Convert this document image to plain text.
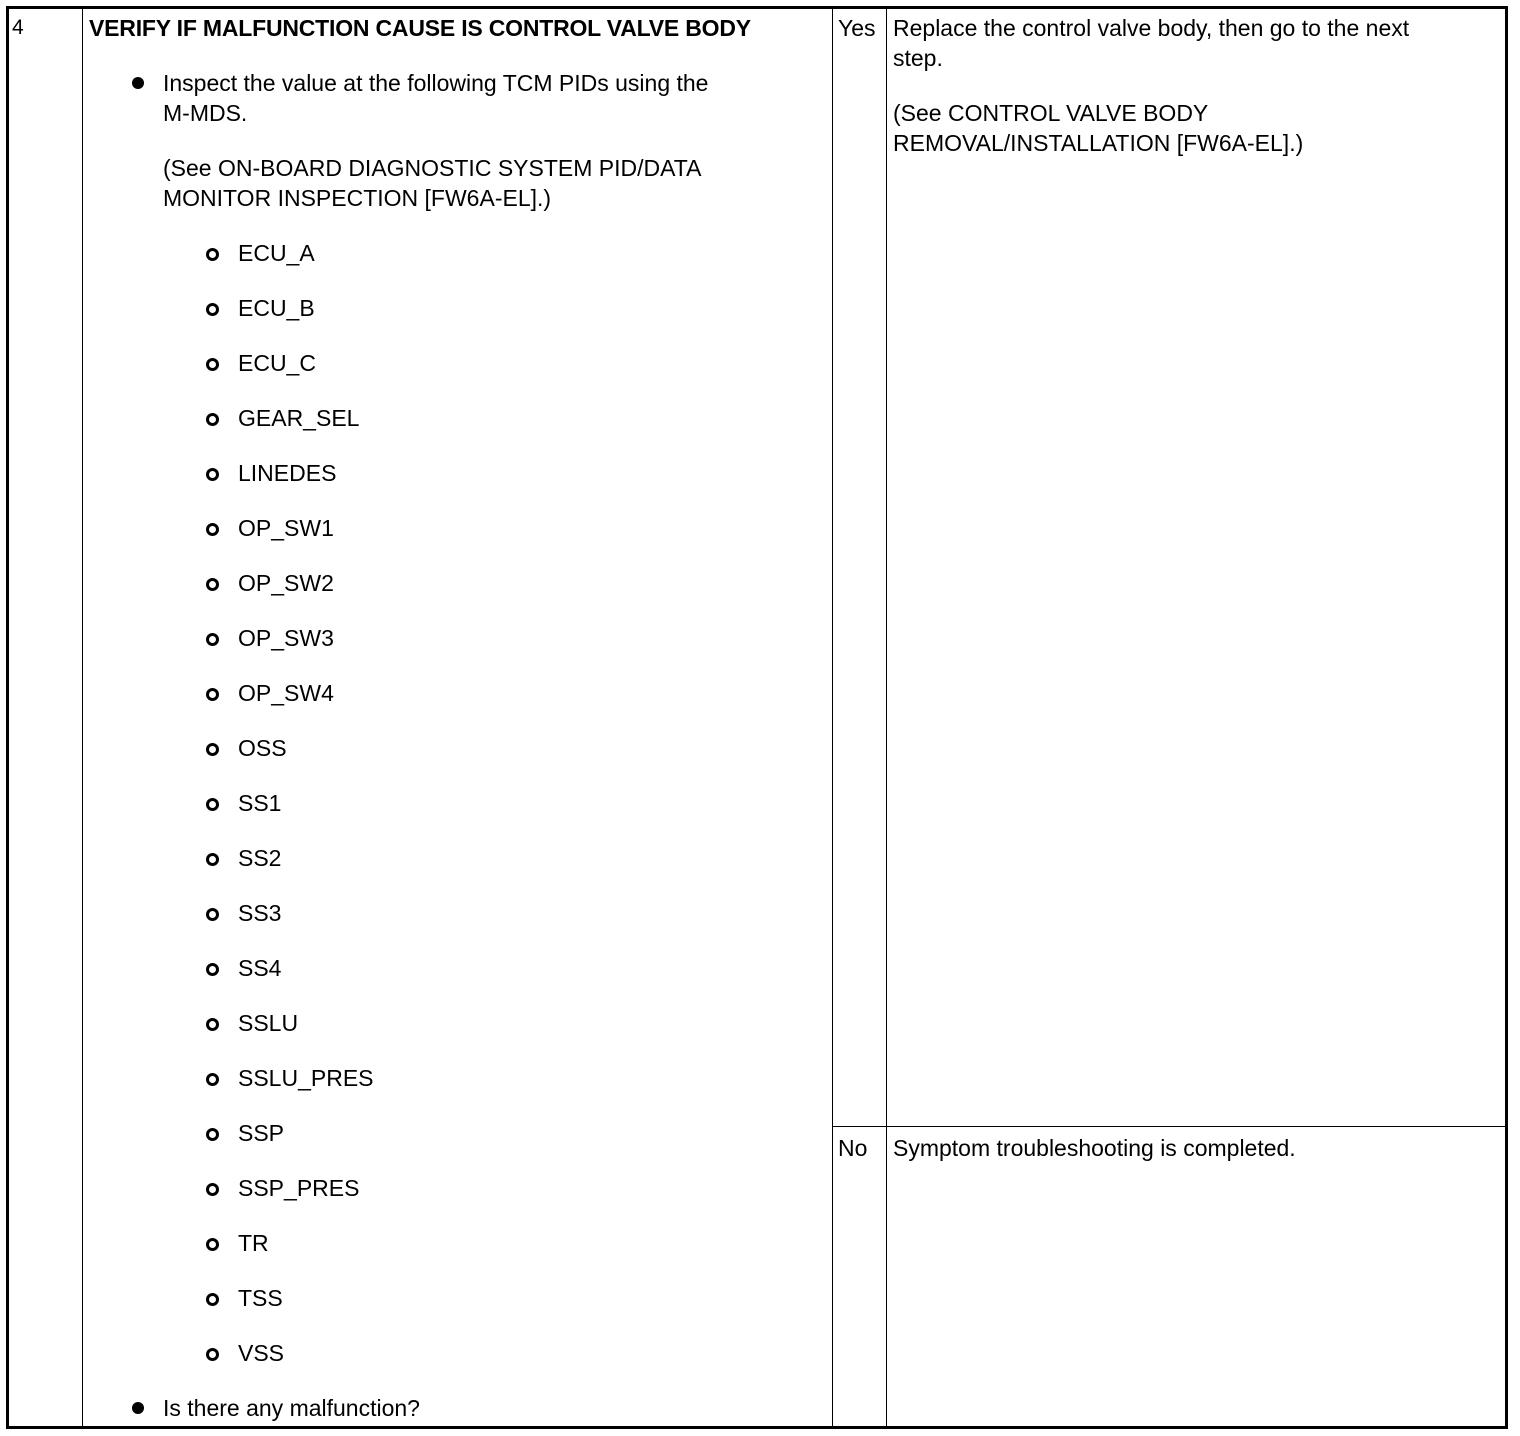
4	VERIFY IF MALFUNCTION CAUSE IS CONTROL VALVE BODY
Inspect the value at the following TCM PIDs using the
M-MDS.
(See ON-BOARD DIAGNOSTIC SYSTEM PID/DATA
MONITOR INSPECTION [FW6A-EL].)
ECU_A
ECU_B
ECU_C
GEAR_SEL
LINEDES
OP_SW1
OP_SW2
OP_SW3
OP_SW4
OSS
SS1
SS2
SS3
SS4
SSLU
SSLU_PRES
SSP
SSP_PRES
TR
TSS
VSS
Is there any malfunction?
Yes Replace the control valve body, then go to the next
step.
(See CONTROL VALVE BODY
REMOVAL/INSTALLATION [FW6A-EL].)
No Symptom troubleshooting is completed.
